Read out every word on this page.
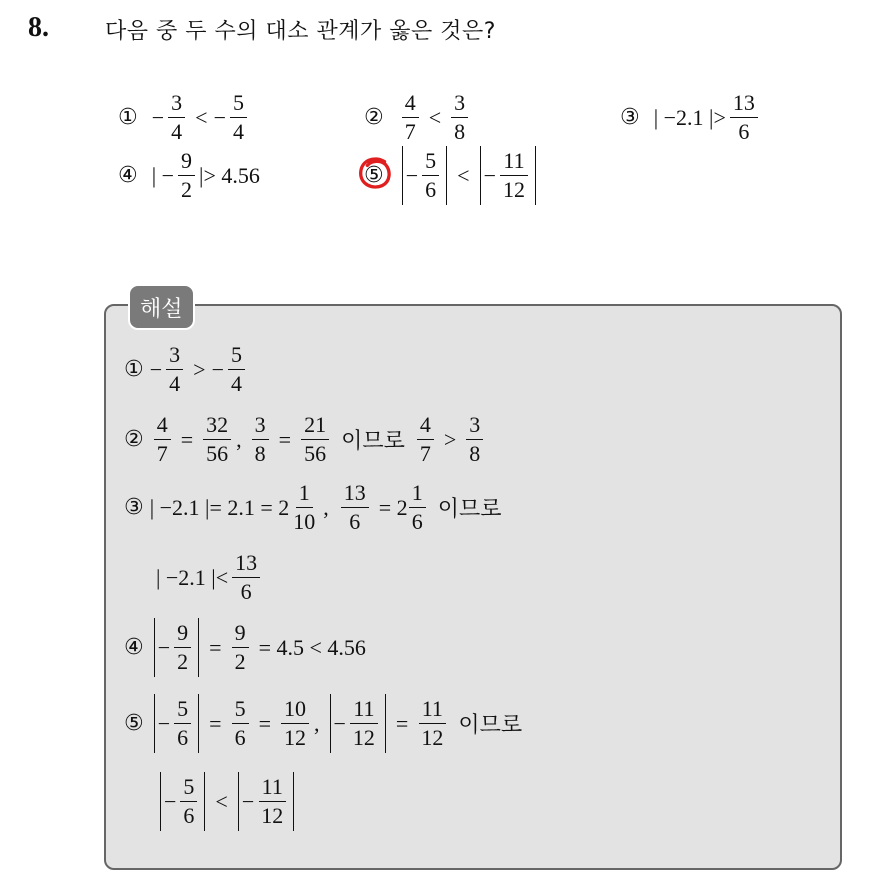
8.	다음 중 두 수의 대소 관계가 옳은 것은?
① − $\frac{3}{4}$ < − $\frac{5}{4}$	② $\frac{4}{7} < \frac{3}{8}$	③ | −2.1 |> $\frac{13}{6}$
④ | − $\frac{9}{2}$ |> 4.56	⑤ − $\frac{5}{6}$ < − $\frac{11}{12}$
해설
① − $\frac{3}{4}$ > − $\frac{5}{4}$
② $\frac{4}{7} = \frac{32}{56}$ , $\frac{3}{8} = \frac{21}{56}$ 이므로 $\frac{4}{7} > \frac{3}{8}$
③ | −2.1 |= $2.1 = 2 \frac{1}{10}$ , $\frac{13}{6} = 2 \frac{1}{6}$ 이므로
| −2.1 |< $\frac{13}{6}$
④ − $\frac{9}{2} = \frac{9}{2} = 4.5 < 4.56$
⑤ − $\frac{5}{6} = \frac{5}{6} = \frac{10}{12}$ , − $\frac{11}{12} = \frac{11}{12}$ 이므로
− $\frac{5}{6}$ < − $\frac{11}{12}$
